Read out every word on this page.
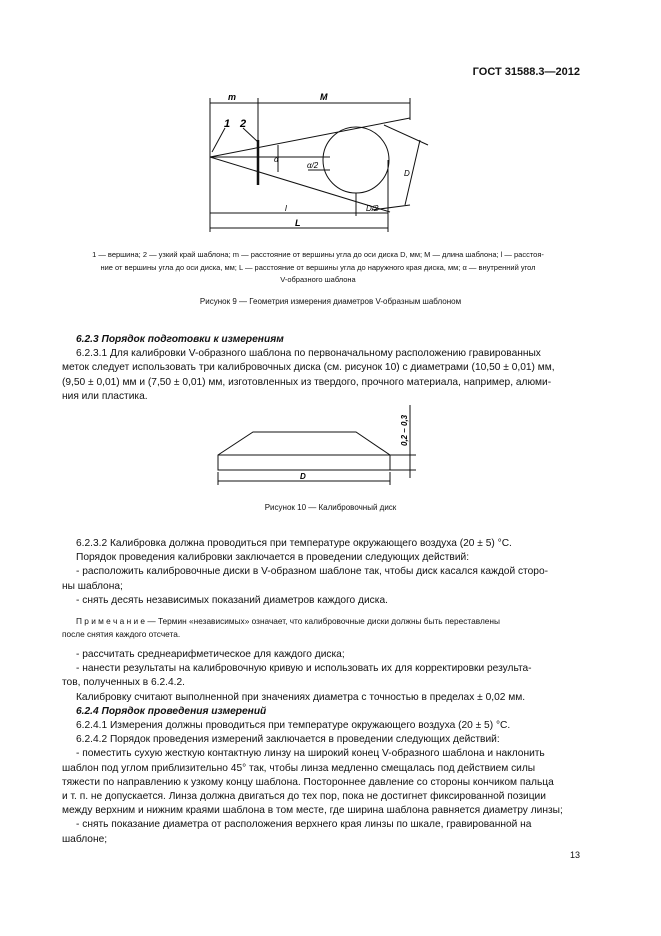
ГОСТ 31588.3—2012
m	M
1 2
α
α/2
D
D/2
l
L
0,2 – 0,3
D
1 — вершина; 2 — узкий край шаблона; m — расстояние от вершины угла до оси диска D, мм; M — длина шаблона; l — расстоя-
ние от вершины угла до оси диска, мм; L — расстояние от вершины угла до наружного края диска, мм; α — внутренний угол
V-образного шаблона
Рисунок 9 — Геометрия измерения диаметров V-образным шаблоном
6.2.3 Порядок подготовки к измерениям
6.2.3.1 Для калибровки V-образного шаблона по первоначальному расположению гравированных
меток следует использовать три калибровочных диска (см. рисунок 10) с диаметрами (10,50 ± 0,01) мм,
(9,50 ± 0,01) мм и (7,50 ± 0,01) мм, изготовленных из твердого, прочного материала, например, алюми-
ния или пластика.
Рисунок 10 — Калибровочный диск
6.2.3.2 Калибровка должна проводиться при температуре окружающего воздуха (20 ± 5) °С.
Порядок проведения калибровки заключается в проведении следующих действий:
- расположить калибровочные диски в V-образном шаблоне так, чтобы диск касался каждой сторо-
ны шаблона;
- снять десять независимых показаний диаметров каждого диска.
П р и м е ч а н и е — Термин «независимых» означает, что калибровочные диски должны быть переставлены
после снятия каждого отсчета.
- рассчитать среднеарифметическое для каждого диска;
- нанести результаты на калибровочную кривую и использовать их для корректировки результа-
тов, полученных в 6.2.4.2.
Калибровку считают выполненной при значениях диаметра с точностью в пределах ± 0,02 мм.
6.2.4 Порядок проведения измерений
6.2.4.1 Измерения должны проводиться при температуре окружающего воздуха (20 ± 5) °С.
6.2.4.2 Порядок проведения измерений заключается в проведении следующих действий:
- поместить сухую жесткую контактную линзу на широкий конец V-образного шаблона и наклонить
шаблон под углом приблизительно 45° так, чтобы линза медленно смещалась под действием силы
тяжести по направлению к узкому концу шаблона. Постороннее давление со стороны кончиком пальца
и т. п. не допускается. Линза должна двигаться до тех пор, пока не достигнет фиксированной позиции
между верхним и нижним краями шаблона в том месте, где ширина шаблона равняется диаметру линзы;
- снять показание диаметра от расположения верхнего края линзы по шкале, гравированной на
шаблоне;
13
